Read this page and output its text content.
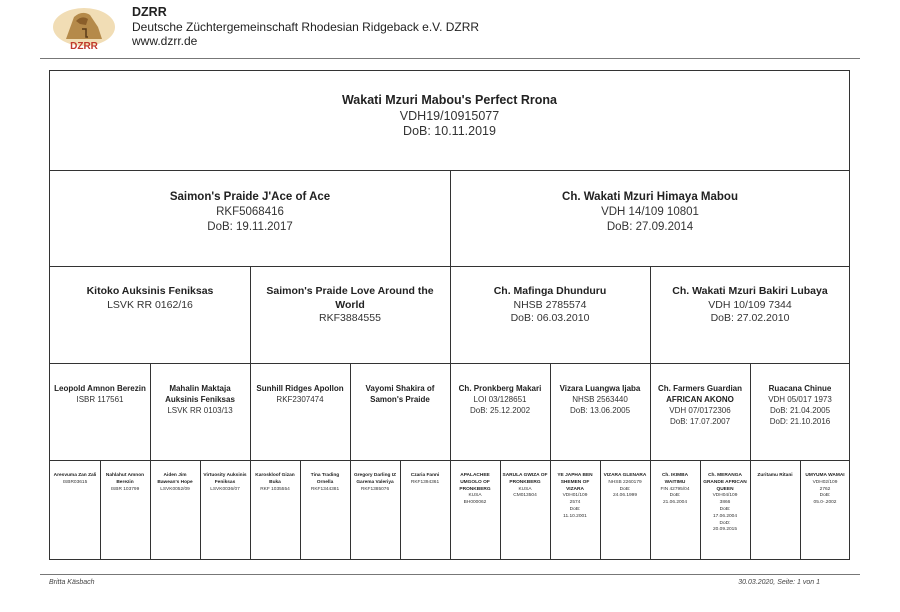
DZRR
DZRR
Deutsche Züchtergemeinschaft Rhodesian Ridgeback e.V. DZRR
www.dzrr.de
Wakati Mzuri Mabou's Perfect Rrona
VDH19/10915077
DoB: 10.11.2019
Saimon's Praide J'Ace of Ace
RKF5068416
DoB: 19.11.2017
Ch. Wakati Mzuri Himaya Mabou
VDH 14/109 10801
DoB: 27.09.2014
Kitoko Auksinis Feniksas
LSVK RR 0162/16
Saimon's Praide Love Around the World
RKF3884555
Ch. Mafinga Dhunduru
NHSB 2785574
DoB: 06.03.2010
Ch. Wakati Mzuri Bakiri Lubaya
VDH 10/109 7344
DoB: 27.02.2010
Leopold Amnon Berezin
ISBR 117561
Mahalin Maktaja Auksinis Feniksas
LSVK RR 0103/13
Sunhill Ridges Apollon
RKF2307474
Vayomi Shakira of Samon's Praide
Ch. Pronkberg Makari
LOI 03/128651
DoB: 25.12.2002
Vizara Luangwa Ijaba
NHSB 2563440
DoB: 13.06.2005
Ch. Farmers Guardian AFRICAN AKONO
VDH 07/0172306
DoB: 17.07.2007
Ruacana Chinue
VDH 05/017 1973
DoB: 21.04.2005
DoD: 21.10.2016
Aresvuma Zan Zali
ISBR03615
Nahlahut Amnon Berezin
ISBR 103799
Aiden Jim Bawean's Hope
LSVK0052/09
Virtuosity Auksinis Feniksas
LSVK0036/07
Karoskloof Gizan Buka
RKF 1035554
Tina Trading Ornella
RKF1344381
Gregory Darling IZ Garema Valeriya
RKF1385076
Czaria Fanni
RKF1394361
APALACHEE UMGOLO OF PRONKBERG
KUSA
BH000062
SARULA GWIZA OF PRONKBERG
KUSA
CM013504
YE JAPHA BEN SHEMEN OF VIZARA
VDH01/109
2574
DoB:
11.10.2001
VIZARA GLENARA
NHSB 2260179
DoB:
24.06.1999
Ch. IKIMBA WAITIMU
FIN 42795/04
DoB:
21.06.2004
Ch. MERANGA GRANDE AFRICAN QUEEN
VDH04/109
3866
DoB:
17.06.2004
DoD:
20.09.2015
Zuritamu Ritani	UMYUMA WAMAI
VDH02/109
2762
DoB:
05.0-.2002
Britta Käsbach	30.03.2020, Seite: 1 von 1
